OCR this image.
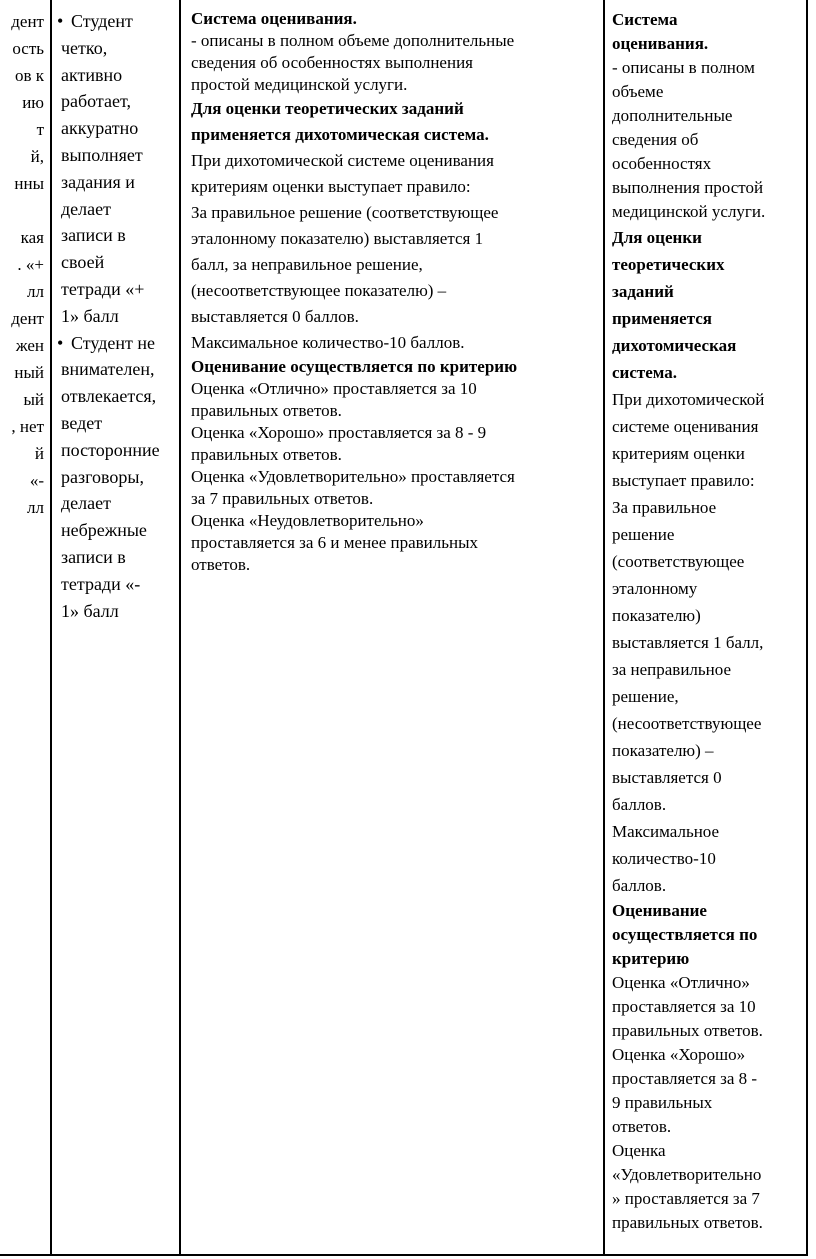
дент
ость
ов к
ию
т
й,
нны
кая
. «+
лл
дент
жен
ный
ый
, нет
й
«-
лл
• Студент
четко,
активно
работает,
аккуратно
выполняет
задания и
делает
записи в
своей
тетради «+
1» балл
• Студент не
внимателен,
отвлекается,
ведет
посторонние
разговоры,
делает
небрежные
записи в
тетради «-
1» балл
Система оценивания.
- описаны в полном объеме дополнительные
сведения об особенностях выполнения
простой медицинской услуги.
Для оценки теоретических заданий
применяется дихотомическая система.
При дихотомической системе оценивания
критериям оценки выступает правило:
За правильное решение (соответствующее
эталонному показателю) выставляется 1
балл, за неправильное решение,
(несоответствующее показателю) –
выставляется 0 баллов.
Максимальное количество-10 баллов.
Оценивание осуществляется по критерию
Оценка «Отлично» проставляется за 10
правильных ответов.
Оценка «Хорошо» проставляется за 8 - 9
правильных ответов.
Оценка «Удовлетворительно» проставляется
за 7 правильных ответов.
Оценка «Неудовлетворительно»
проставляется за 6 и менее правильных
ответов.
Система
оценивания.
- описаны в полном
объеме
дополнительные
сведения об
особенностях
выполнения простой
медицинской услуги.
Для оценки
теоретических
заданий
применяется
дихотомическая
система.
При дихотомической
системе оценивания
критериям оценки
выступает правило:
За правильное
решение
(соответствующее
эталонному
показателю)
выставляется 1 балл,
за неправильное
решение,
(несоответствующее
показателю) –
выставляется 0
баллов.
Максимальное
количество-10
баллов.
Оценивание
осуществляется по
критерию
Оценка «Отлично»
проставляется за 10
правильных ответов.
Оценка «Хорошо»
проставляется за 8 -
9 правильных
ответов.
Оценка
«Удовлетворительно
» проставляется за 7
правильных ответов.
